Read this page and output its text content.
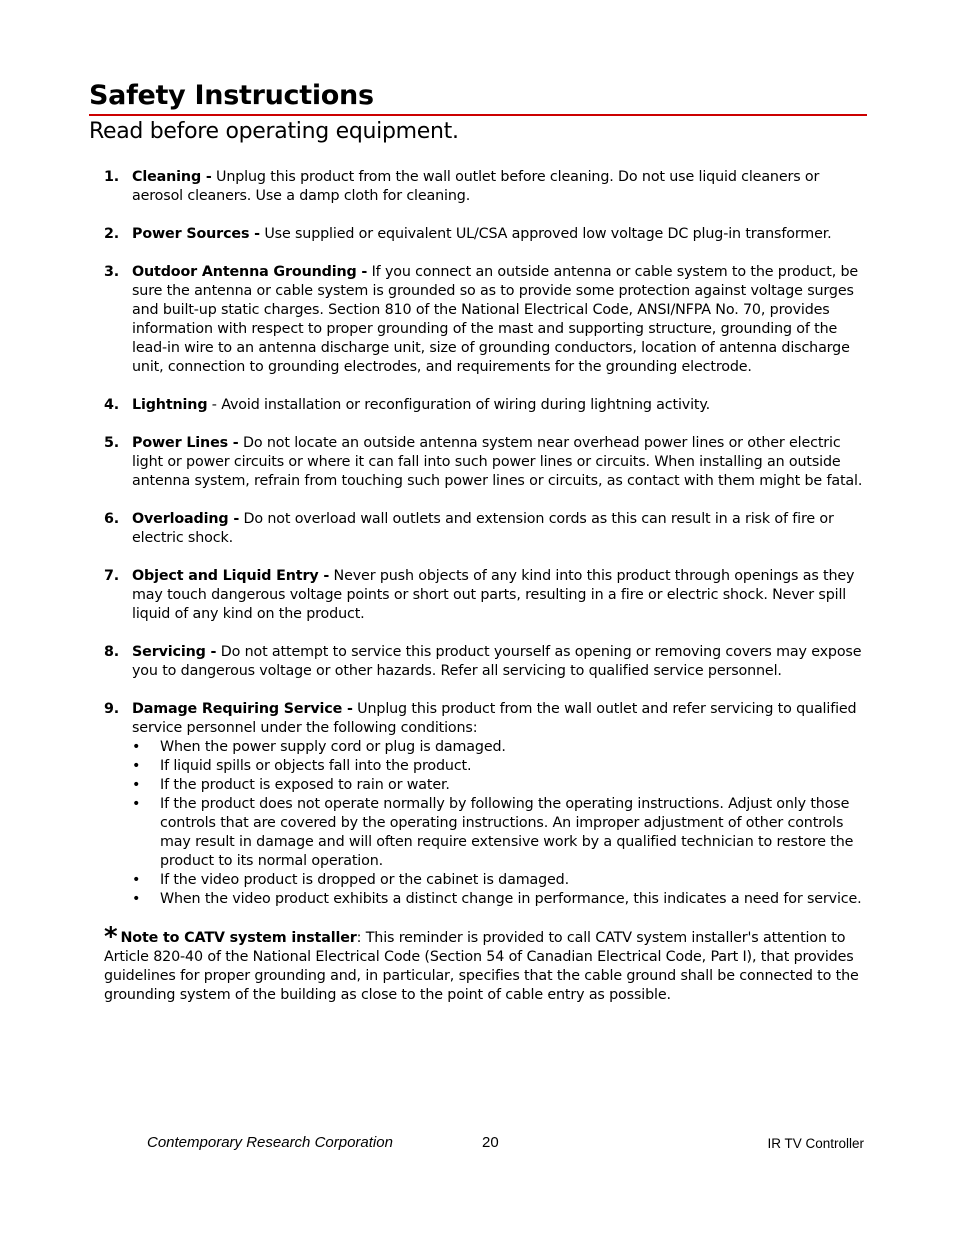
Safety Instructions
Read before operating equipment.
1. Cleaning - Unplug this product from the wall outlet before cleaning. Do not use liquid cleaners or aerosol cleaners. Use a damp cloth for cleaning.
2. Power Sources - Use supplied or equivalent UL/CSA approved low voltage DC plug-in transformer.
3. Outdoor Antenna Grounding - If you connect an outside antenna or cable system to the product, be sure the antenna or cable system is grounded so as to provide some protection against voltage surges and built-up static charges. Section 810 of the National Electrical Code, ANSI/NFPA No. 70, provides information with respect to proper grounding of the mast and supporting structure, grounding of the lead-in wire to an antenna discharge unit, size of grounding conductors, location of antenna discharge unit, connection to grounding electrodes, and requirements for the grounding electrode.
4. Lightning - Avoid installation or reconfiguration of wiring during lightning activity.
5. Power Lines - Do not locate an outside antenna system near overhead power lines or other electric light or power circuits or where it can fall into such power lines or circuits. When installing an outside antenna system, refrain from touching such power lines or circuits, as contact with them might be fatal.
6. Overloading - Do not overload wall outlets and extension cords as this can result in a risk of fire or electric shock.
7. Object and Liquid Entry - Never push objects of any kind into this product through openings as they may touch dangerous voltage points or short out parts, resulting in a fire or electric shock. Never spill liquid of any kind on the product.
8. Servicing - Do not attempt to service this product yourself as opening or removing covers may expose you to dangerous voltage or other hazards. Refer all servicing to qualified service personnel.
9. Damage Requiring Service - Unplug this product from the wall outlet and refer servicing to qualified service personnel under the following conditions:
• When the power supply cord or plug is damaged.
• If liquid spills or objects fall into the product.
• If the product is exposed to rain or water.
• If the product does not operate normally by following the operating instructions. Adjust only those controls that are covered by the operating instructions. An improper adjustment of other controls may result in damage and will often require extensive work by a qualified technician to restore the product to its normal operation.
• If the video product is dropped or the cabinet is damaged.
• When the video product exhibits a distinct change in performance, this indicates a need for service.

* Note to CATV system installer: This reminder is provided to call CATV system installer's attention to Article 820-40 of the National Electrical Code (Section 54 of Canadian Electrical Code, Part I), that provides guidelines for proper grounding and, in particular, specifies that the cable ground shall be connected to the grounding system of the building as close to the point of cable entry as possible.

Contemporary Research Corporation	20	IR TV Controller
